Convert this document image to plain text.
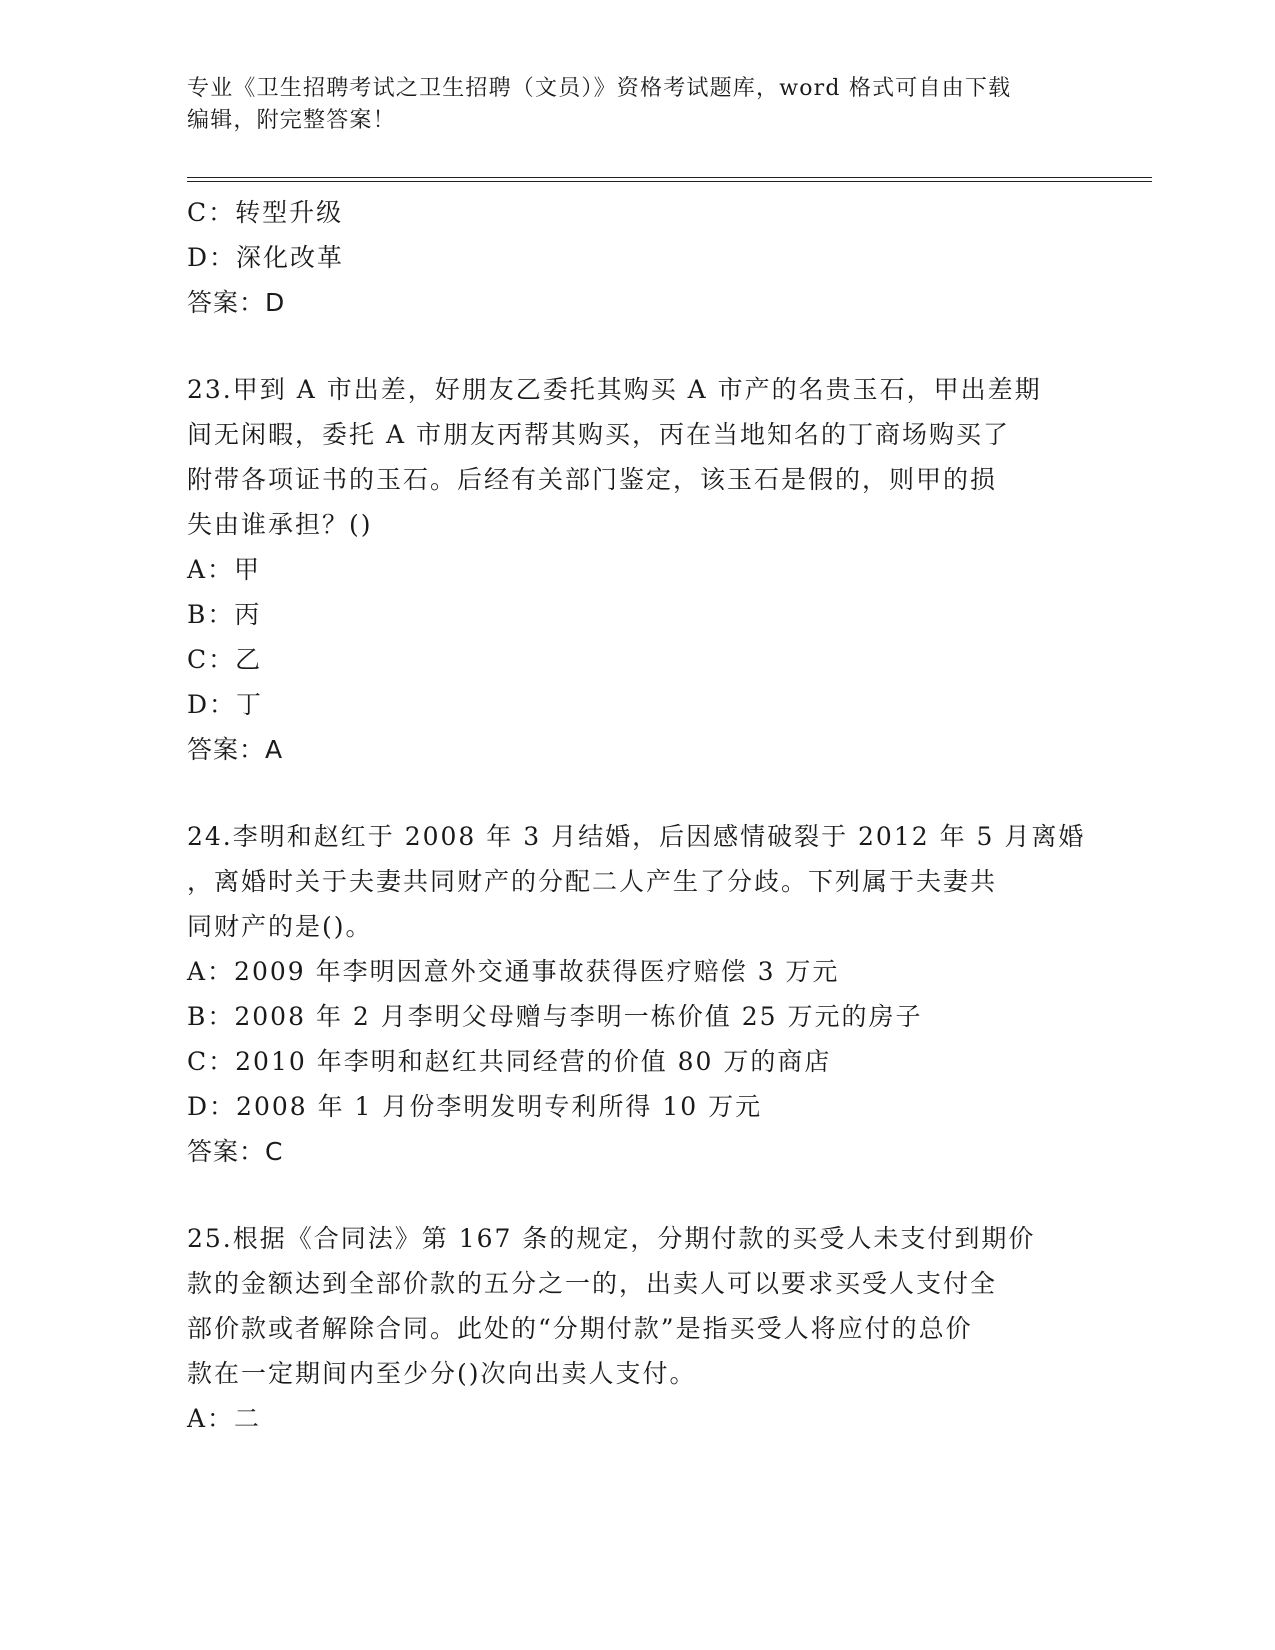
专业《卫生招聘考试之卫生招聘（文员）》资格考试题库，word 格式可自由下载
编辑，附完整答案！
C：转型升级
D：深化改革
答案：D
23.甲到 A 市出差，好朋友乙委托其购买 A 市产的名贵玉石，甲出差期
间无闲暇，委托 A 市朋友丙帮其购买，丙在当地知名的丁商场购买了
附带各项证书的玉石。后经有关部门鉴定，该玉石是假的，则甲的损
失由谁承担？()
A：甲
B：丙
C：乙
D：丁
答案：A
24.李明和赵红于 2008 年 3 月结婚，后因感情破裂于 2012 年 5 月离婚
，离婚时关于夫妻共同财产的分配二人产生了分歧。下列属于夫妻共
同财产的是()。
A：2009 年李明因意外交通事故获得医疗赔偿 3 万元
B：2008 年 2 月李明父母赠与李明一栋价值 25 万元的房子
C：2010 年李明和赵红共同经营的价值 80 万的商店
D：2008 年 1 月份李明发明专利所得 10 万元
答案：C
25.根据《合同法》第 167 条的规定，分期付款的买受人未支付到期价
款的金额达到全部价款的五分之一的，出卖人可以要求买受人支付全
部价款或者解除合同。此处的“分期付款”是指买受人将应付的总价
款在一定期间内至少分()次向出卖人支付。
A：二
